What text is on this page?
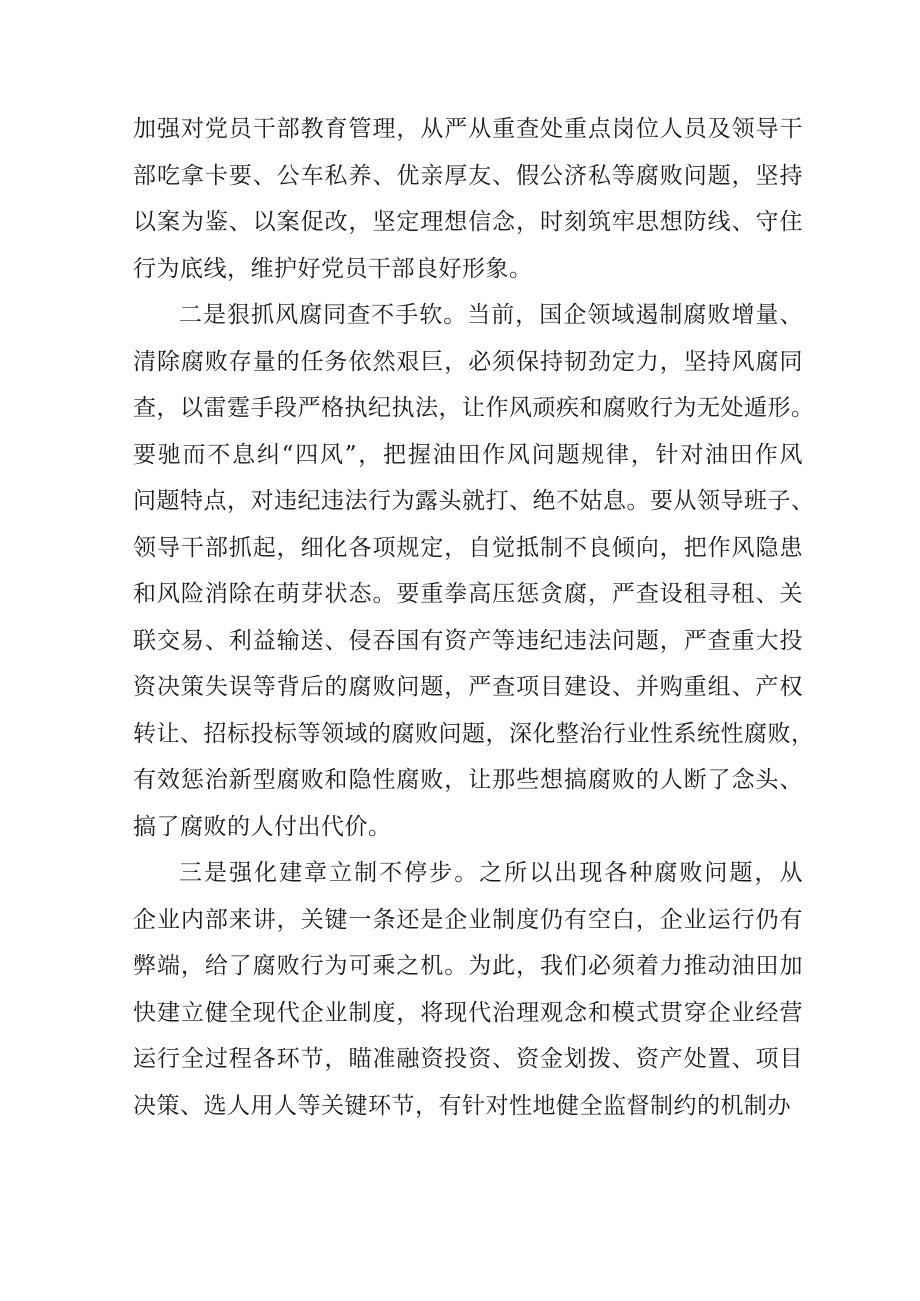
加强对党员干部教育管理，从严从重查处重点岗位人员及领导干
部吃拿卡要、公车私养、优亲厚友、假公济私等腐败问题，坚持
以案为鉴、以案促改，坚定理想信念，时刻筑牢思想防线、守住
行为底线，维护好党员干部良好形象。
二是狠抓风腐同查不手软。当前，国企领域遏制腐败增量、
清除腐败存量的任务依然艰巨，必须保持韧劲定力，坚持风腐同
查，以雷霆手段严格执纪执法，让作风顽疾和腐败行为无处遁形。
要驰而不息纠“四风”，把握油田作风问题规律，针对油田作风
问题特点，对违纪违法行为露头就打、绝不姑息。要从领导班子、
领导干部抓起，细化各项规定，自觉抵制不良倾向，把作风隐患
和风险消除在萌芽状态。要重拳高压惩贪腐，严查设租寻租、关
联交易、利益输送、侵吞国有资产等违纪违法问题，严查重大投
资决策失误等背后的腐败问题，严查项目建设、并购重组、产权
转让、招标投标等领域的腐败问题，深化整治行业性系统性腐败，
有效惩治新型腐败和隐性腐败，让那些想搞腐败的人断了念头、
搞了腐败的人付出代价。
三是强化建章立制不停步。之所以出现各种腐败问题，从
企业内部来讲，关键一条还是企业制度仍有空白，企业运行仍有
弊端，给了腐败行为可乘之机。为此，我们必须着力推动油田加
快建立健全现代企业制度，将现代治理观念和模式贯穿企业经营
运行全过程各环节，瞄准融资投资、资金划拨、资产处置、项目
决策、选人用人等关键环节，有针对性地健全监督制约的机制办
